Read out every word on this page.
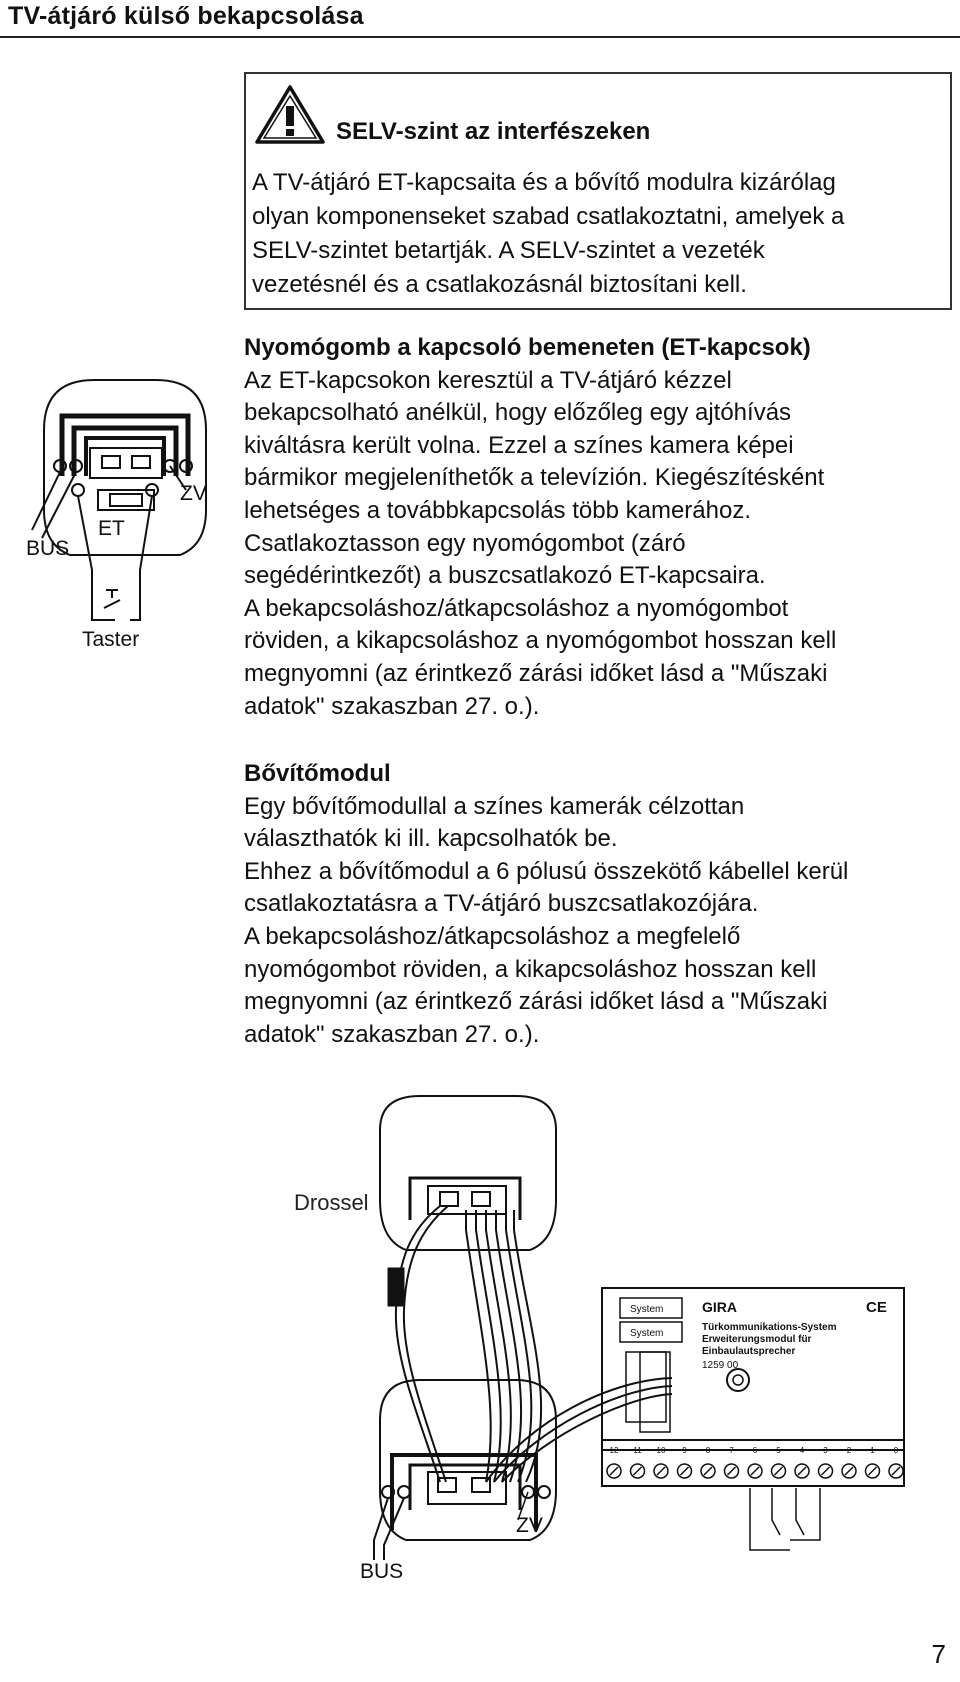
TV-átjáró külső bekapcsolása
SELV-szint az interfészeken
A TV-átjáró ET-kapcsaita és a bővítő modulra kizárólag
olyan komponenseket szabad csatlakoztatni, amelyek a
SELV-szintet betartják. A SELV-szintet a vezeték
vezetésnél és a csatlakozásnál biztosítani kell.
Nyomógomb a kapcsoló bemeneten (ET-kapcsok)

Az ET-kapcsokon keresztül a TV-átjáró kézzel

bekapcsolható anélkül, hogy előzőleg egy ajtóhívás

kiváltásra került volna. Ezzel a színes kamera képei

bármikor megjeleníthetők a televízión. Kiegészítésként

lehetséges a továbbkapcsolás több kamerához.

Csatlakoztasson egy nyomógombot (záró

segédérintkezőt) a buszcsatlakozó ET-kapcsaira.

A bekapcsoláshoz/átkapcsoláshoz a nyomógombot

röviden, a kikapcsoláshoz a nyomógombot hosszan kell

megnyomni (az érintkező zárási időket lásd a "Műszaki

adatok" szakaszban 27. o.).

Bővítőmodul

Egy bővítőmodullal a színes kamerák célzottan

választhatók ki ill. kapcsolhatók be.

Ehhez a bővítőmodul a 6 pólusú összekötő kábellel kerül

csatlakoztatásra a TV-átjáró buszcsatlakozójára.

A bekapcsoláshoz/átkapcsoláshoz a megfelelő

nyomógombot röviden, a kikapcsoláshoz hosszan kell

megnyomni (az érintkező zárási időket lásd a "Műszaki

adatok" szakaszban 27. o.).

ZV
ET
BUS
Taster
12 11 10 9 8 7 6 5 4 3 2 1 0
Drossel
ZV
BUS
System
System
GIRA	CE
Türkommunikations-System
Erweiterungsmodul für
Einbaulautsprecher
1259 00
7
